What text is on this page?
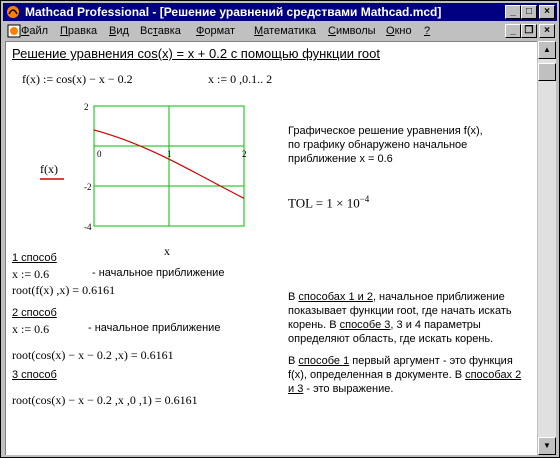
Mathcad Professional - [Решение уравнений средствами Mathcad.mcd]	_	□	×
Файл Правка Вид Вставка Формат Математика Символы Окно ?	_ ❐	×
Решение уравнения cos(x) = x + 0.2 с помощью функции root
f(x) := cos(x) − x − 0.2	x := 0 ,0.1.. 2
0	1	2
2
-2
-4
f(x)
x
Графическое решение уравнения f(x),
по графику обнаружено начальное
приближение x = 0.6
TOL = $1 \times 10^{-4}$
1 способ
x := 0.6	- начальное приближение
root(f(x) ,x) = 0.6161
2 способ
x := 0.6	- начальное приближение
root(cos(x) − x − 0.2 ,x) = 0.6161
3 способ
root(cos(x) − x − 0.2 ,x ,0 ,1) = 0.6161
В способах 1 и 2, начальное приближение
показывает функции root, где начать искать
корень. В способе 3, 3 и 4 параметры
определяют область, где искать корень.
В способе 1 первый аргумент - это функция
f(x), определенная в документе. В способах 2
и 3 - это выражение.
▲
▼
